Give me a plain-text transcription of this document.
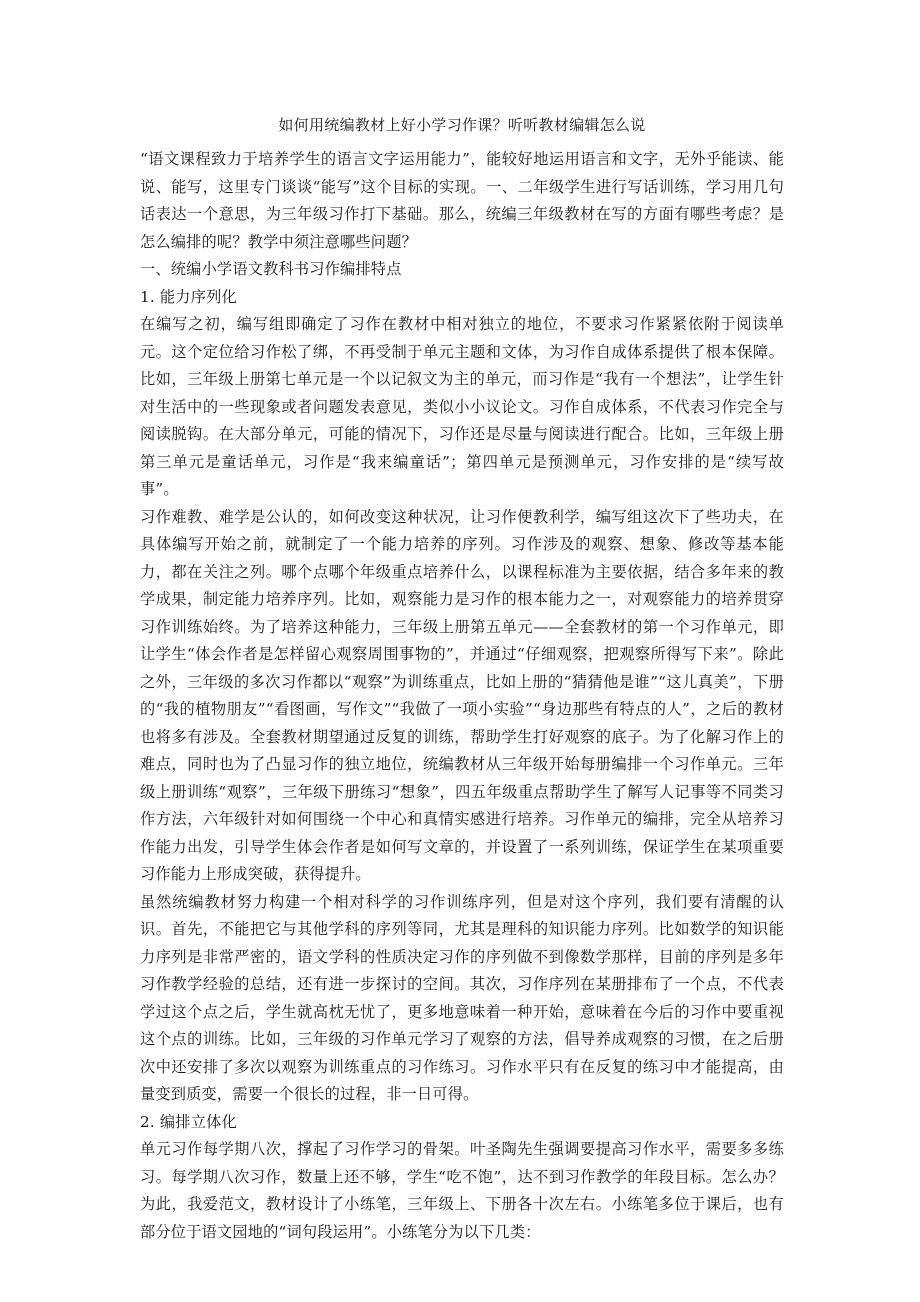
如何用统编教材上好小学习作课？听听教材编辑怎么说

“语文课程致力于培养学生的语言文字运用能力”，能较好地运用语言和文字，无外乎能读、能说、能写，这里专门谈谈“能写”这个目标的实现。一、二年级学生进行写话训练，学习用几句话表达一个意思，为三年级习作打下基础。那么，统编三年级教材在写的方面有哪些考虑？是怎么编排的呢？教学中须注意哪些问题？

一、统编小学语文教科书习作编排特点

1. 能力序列化

在编写之初，编写组即确定了习作在教材中相对独立的地位，不要求习作紧紧依附于阅读单元。这个定位给习作松了绑，不再受制于单元主题和文体，为习作自成体系提供了根本保障。比如，三年级上册第七单元是一个以记叙文为主的单元，而习作是“我有一个想法”，让学生针对生活中的一些现象或者问题发表意见，类似小小议论文。习作自成体系，不代表习作完全与阅读脱钩。在大部分单元，可能的情况下，习作还是尽量与阅读进行配合。比如，三年级上册第三单元是童话单元，习作是“我来编童话”；第四单元是预测单元，习作安排的是“续写故事”。

习作难教、难学是公认的，如何改变这种状况，让习作便教利学，编写组这次下了些功夫，在具体编写开始之前，就制定了一个能力培养的序列。习作涉及的观察、想象、修改等基本能力，都在关注之列。哪个点哪个年级重点培养什么，以课程标准为主要依据，结合多年来的教学成果，制定能力培养序列。比如，观察能力是习作的根本能力之一，对观察能力的培养贯穿习作训练始终。为了培养这种能力，三年级上册第五单元——全套教材的第一个习作单元，即让学生“体会作者是怎样留心观察周围事物的”，并通过“仔细观察，把观察所得写下来”。除此之外，三年级的多次习作都以“观察”为训练重点，比如上册的“猜猜他是谁”“这儿真美”，下册的“我的植物朋友”“看图画，写作文”“我做了一项小实验”“身边那些有特点的人”，之后的教材也将多有涉及。全套教材期望通过反复的训练，帮助学生打好观察的底子。为了化解习作上的难点，同时也为了凸显习作的独立地位，统编教材从三年级开始每册编排一个习作单元。三年级上册训练“观察”，三年级下册练习“想象”，四五年级重点帮助学生了解写人记事等不同类习作方法，六年级针对如何围绕一个中心和真情实感进行培养。习作单元的编排，完全从培养习作能力出发，引导学生体会作者是如何写文章的，并设置了一系列训练，保证学生在某项重要习作能力上形成突破，获得提升。

虽然统编教材努力构建一个相对科学的习作训练序列，但是对这个序列，我们要有清醒的认识。首先，不能把它与其他学科的序列等同，尤其是理科的知识能力序列。比如数学的知识能力序列是非常严密的，语文学科的性质决定习作的序列做不到像数学那样，目前的序列是多年习作教学经验的总结，还有进一步探讨的空间。其次，习作序列在某册排布了一个点，不代表学过这个点之后，学生就高枕无忧了，更多地意味着一种开始，意味着在今后的习作中要重视这个点的训练。比如，三年级的习作单元学习了观察的方法，倡导养成观察的习惯，在之后册次中还安排了多次以观察为训练重点的习作练习。习作水平只有在反复的练习中才能提高，由量变到质变，需要一个很长的过程，非一日可得。

2. 编排立体化

单元习作每学期八次，撑起了习作学习的骨架。叶圣陶先生强调要提高习作水平，需要多多练习。每学期八次习作，数量上还不够，学生“吃不饱”，达不到习作教学的年段目标。怎么办？为此，我爱范文，教材设计了小练笔，三年级上、下册各十次左右。小练笔多位于课后，也有部分位于语文园地的“词句段运用”。小练笔分为以下几类：
